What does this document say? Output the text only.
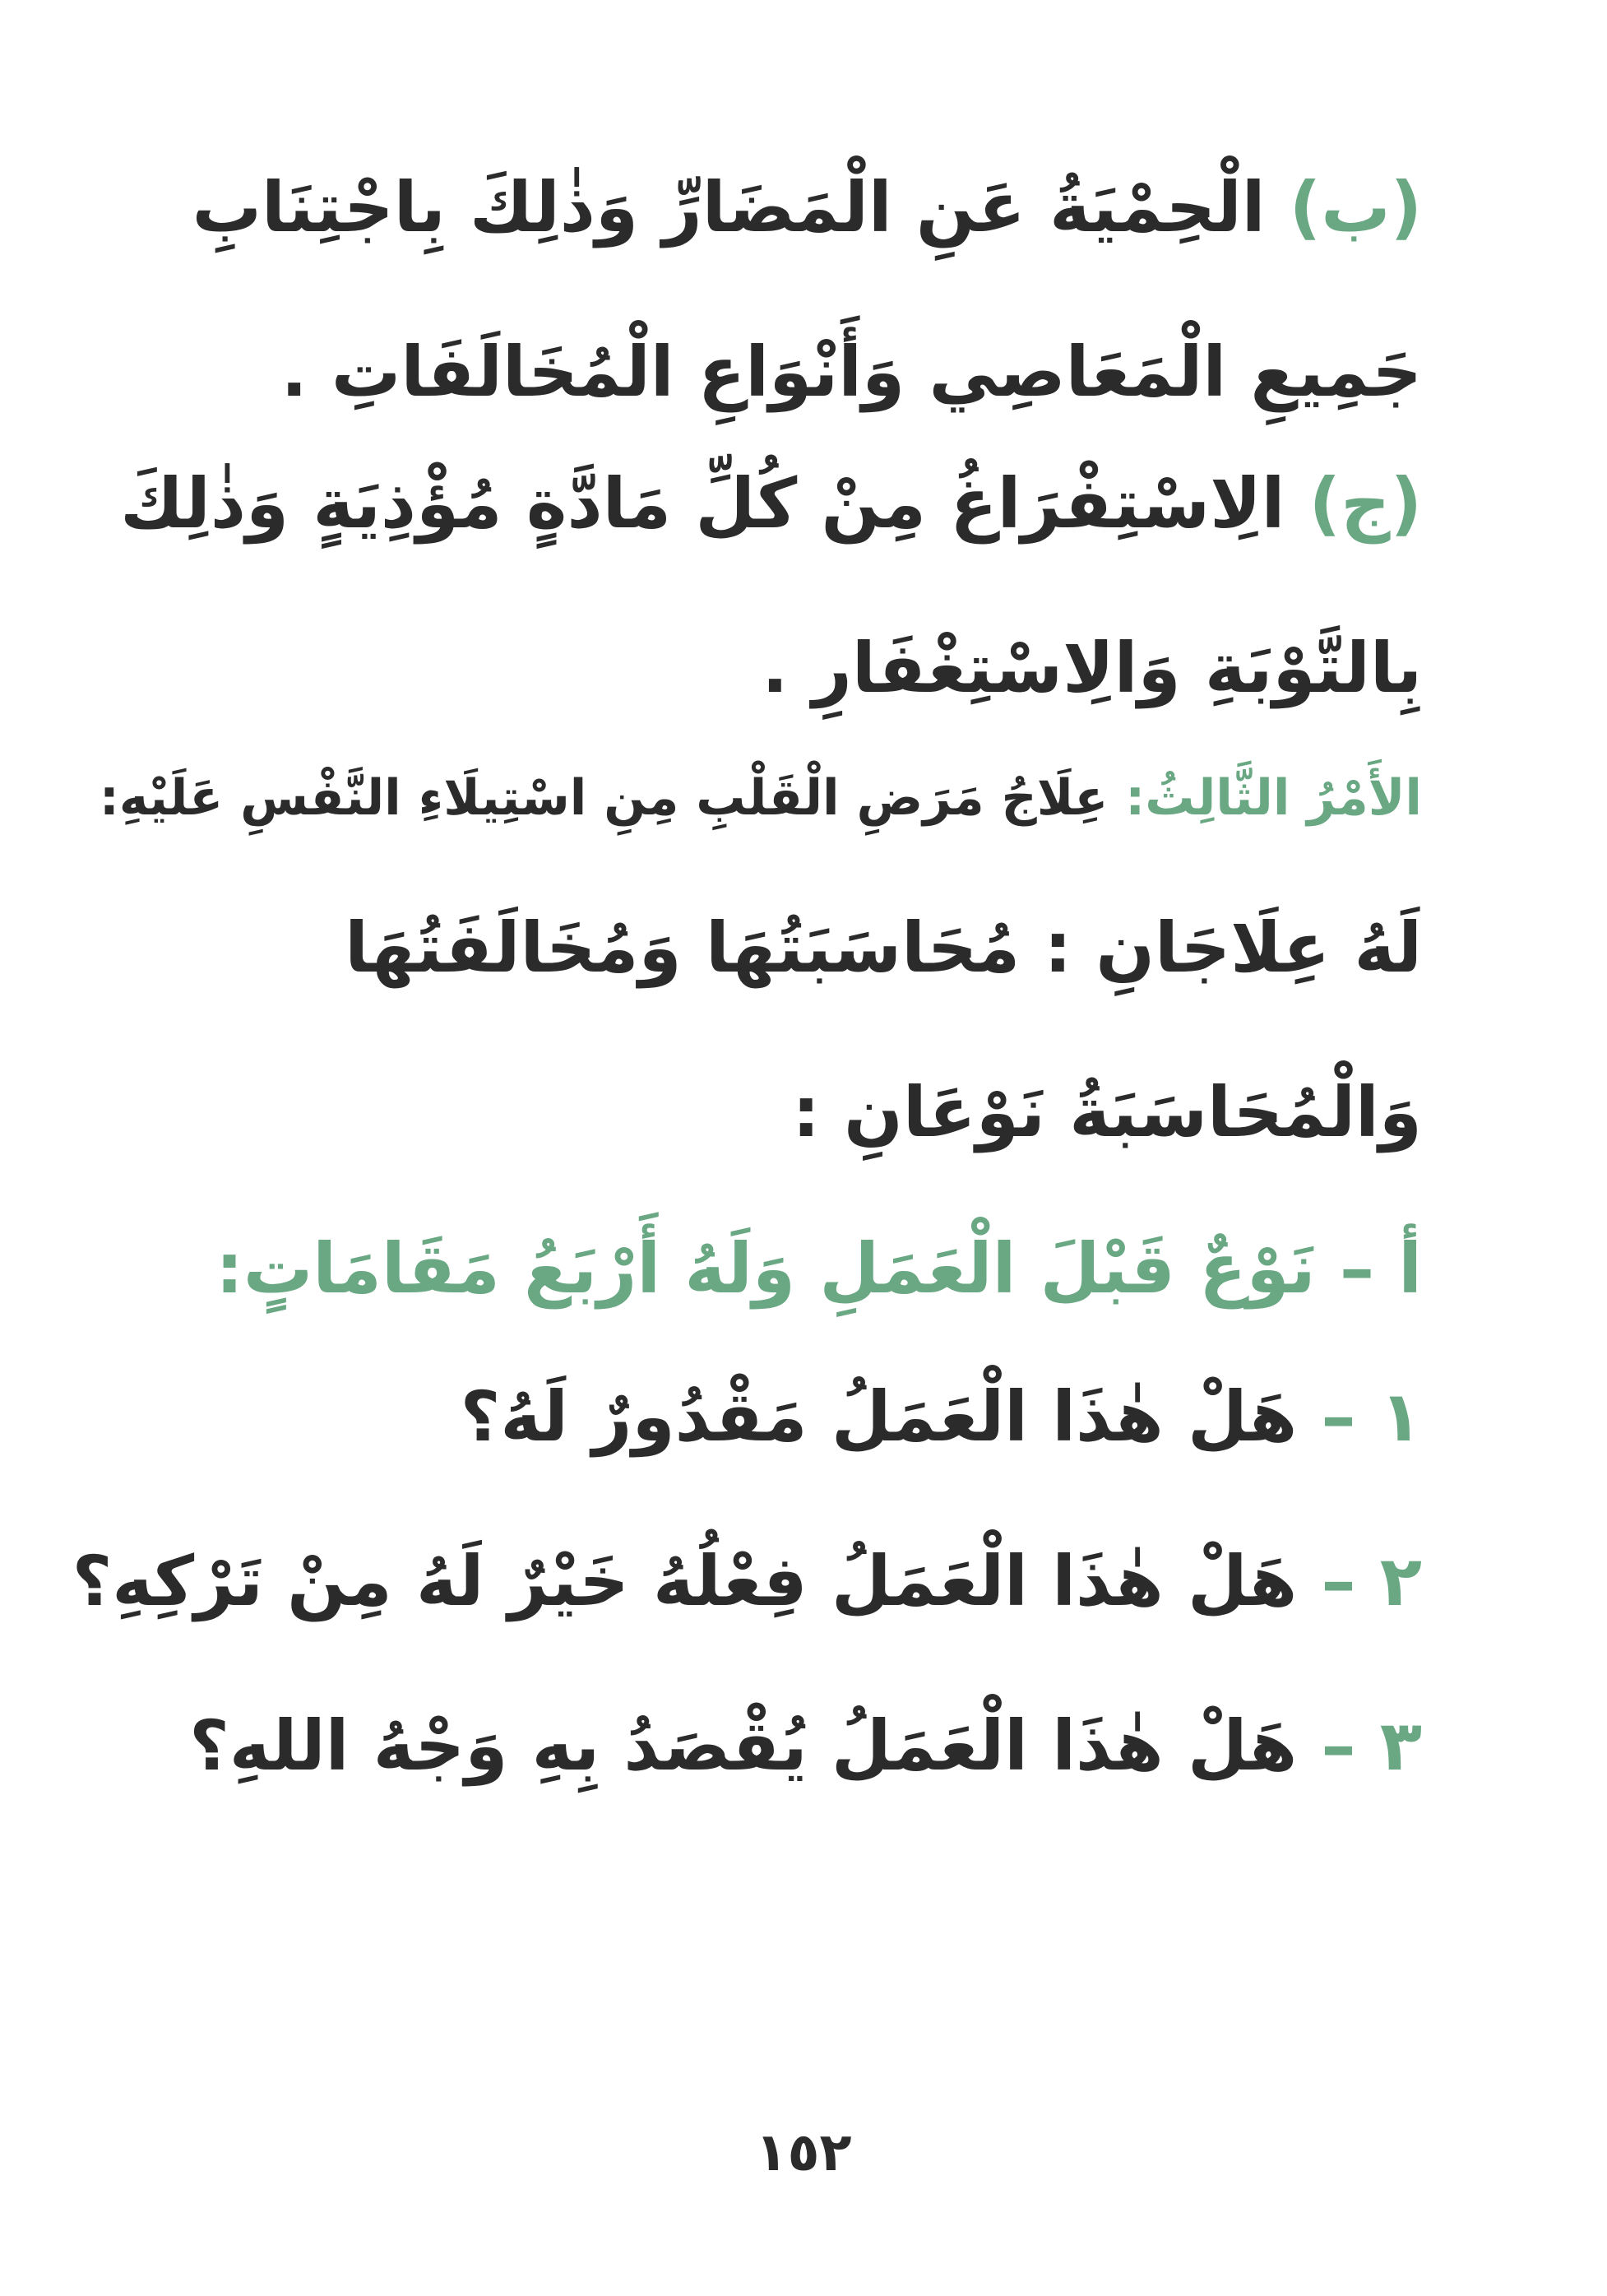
(ب) الْحِمْيَةُ عَنِ الْمَضَارِّ وَذٰلِكَ بِاجْتِنَابِ
جَمِيعِ الْمَعَاصِي وَأَنْوَاعِ الْمُخَالَفَاتِ .
(ج) الِاسْتِفْرَاغُ مِنْ كُلِّ مَادَّةٍ مُؤْذِيَةٍ وَذٰلِكَ
بِالتَّوْبَةِ وَالِاسْتِغْفَارِ .
الأَمْرُ الثَّالِثُ: عِلَاجُ مَرَضِ الْقَلْبِ مِنِ اسْتِيلَاءِ النَّفْسِ عَلَيْهِ:
لَهُ عِلَاجَانِ : مُحَاسَبَتُهَا وَمُخَالَفَتُهَا
وَالْمُحَاسَبَةُ نَوْعَانِ :
أ – نَوْعٌ قَبْلَ الْعَمَلِ وَلَهُ أَرْبَعُ مَقَامَاتٍ:
١ – هَلْ هٰذَا الْعَمَلُ مَقْدُورٌ لَهُ؟
٢ – هَلْ هٰذَا الْعَمَلُ فِعْلُهُ خَيْرٌ لَهُ مِنْ تَرْكِهِ؟
٣ – هَلْ هٰذَا الْعَمَلُ يُقْصَدُ بِهِ وَجْهُ اللهِ؟
١٥٢
